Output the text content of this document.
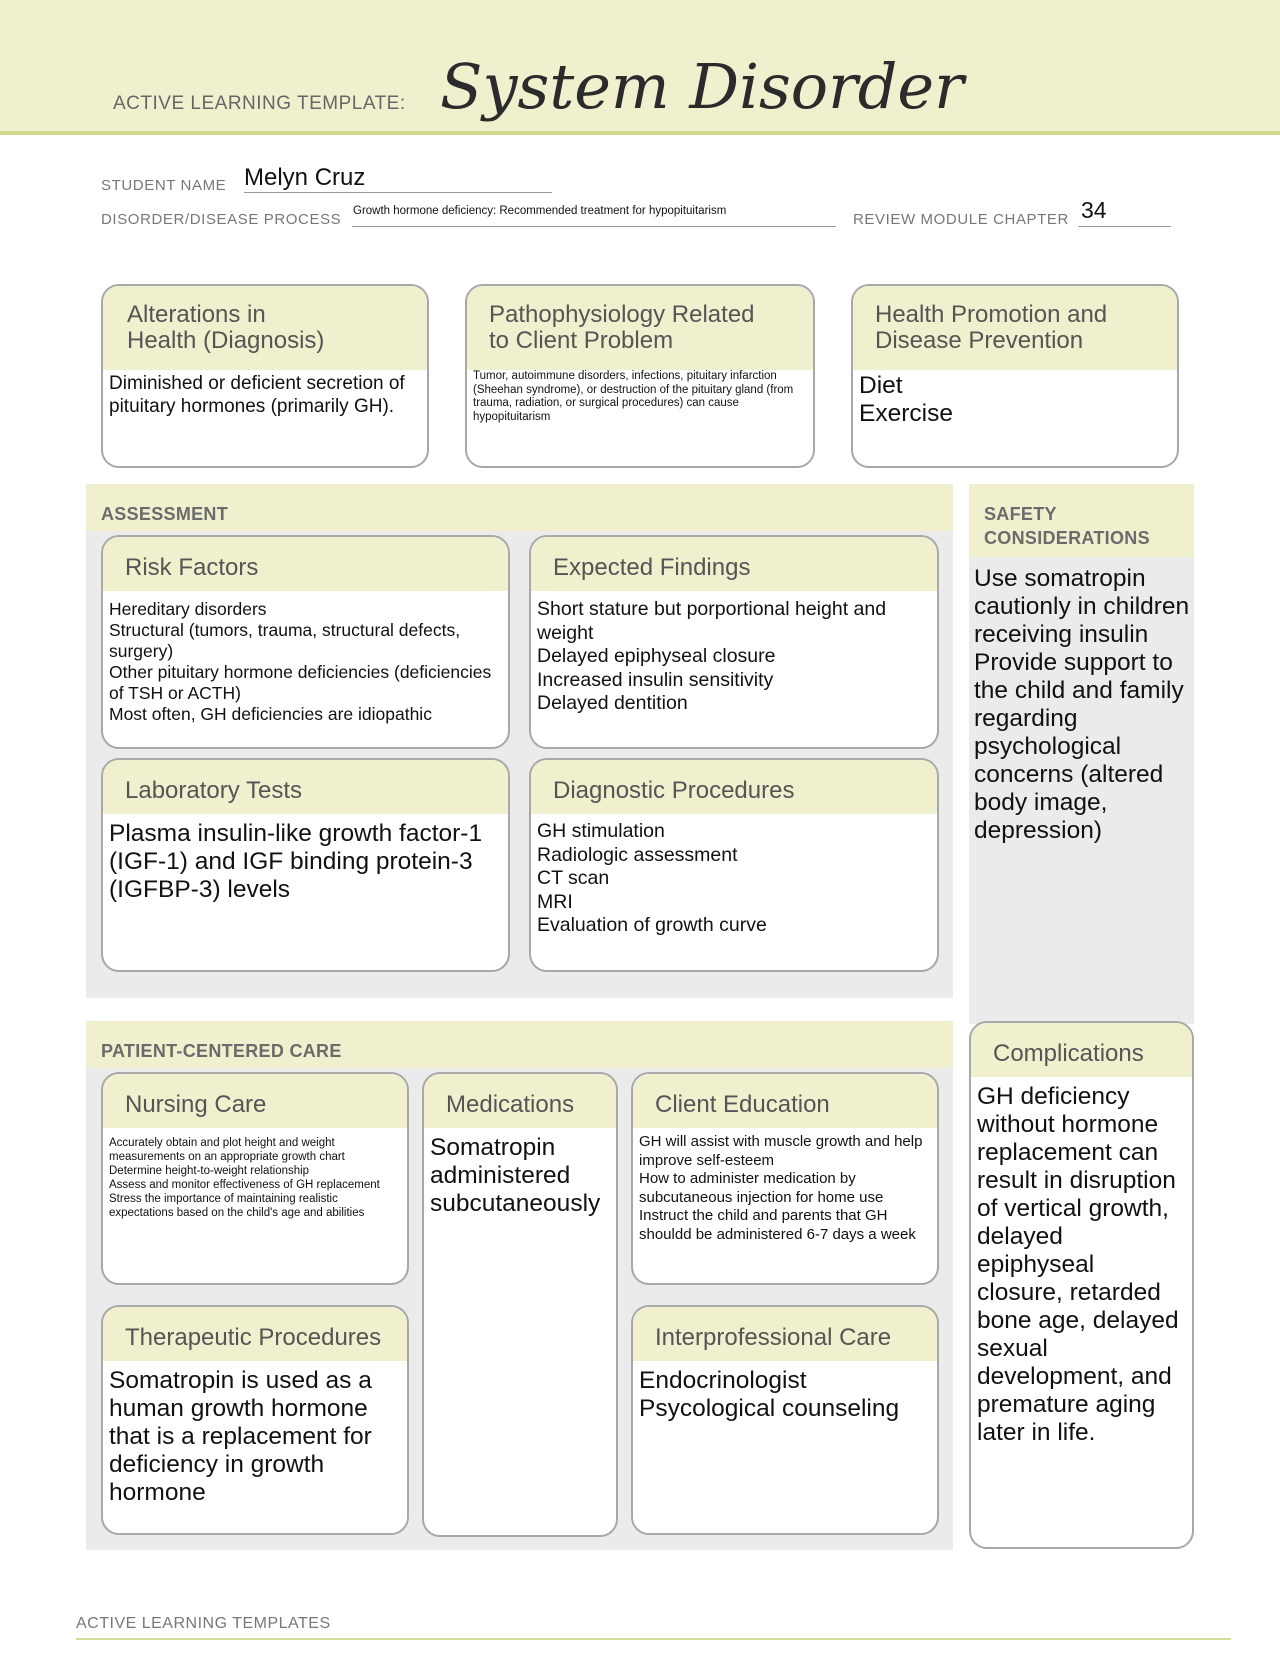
ACTIVE LEARNING TEMPLATE: System Disorder
STUDENT NAME Melyn Cruz
DISORDER/DISEASE PROCESS Growth hormone deficiency: Recommended treatment for hypopituitarism	REVIEW MODULE CHAPTER 34
Alterations in
Health (Diagnosis)
Diminished or deficient secretion of pituitary hormones (primarily GH).
Pathophysiology Related
to Client Problem
Tumor, autoimmune disorders, infections, pituitary infarction (Sheehan syndrome), or destruction of the pituitary gland (from trauma, radiation, or surgical procedures) can cause hypopituitarism
Health Promotion and
Disease Prevention
Diet
Exercise
ASSESSMENT
Risk Factors
Hereditary disorders
Structural (tumors, trauma, structural defects, surgery)
Other pituitary hormone deficiencies (deficiencies of TSH or ACTH)
Most often, GH deficiencies are idiopathic
Expected Findings
Short stature but porportional height and weight
Delayed epiphyseal closure
Increased insulin sensitivity
Delayed dentition
Laboratory Tests
Plasma insulin-like growth factor-1 (IGF-1) and IGF binding protein-3 (IGFBP-3) levels
Diagnostic Procedures
GH stimulation
Radiologic assessment
CT scan
MRI
Evaluation of growth curve
SAFETY
CONSIDERATIONS
Use somatropin cautionly in children receiving insulin
Provide support to the child and family regarding psychological concerns (altered body image, depression)
PATIENT-CENTERED CARE
Nursing Care
Accurately obtain and plot height and weight measurements on an appropriate growth chart
Determine height-to-weight relationship
Assess and monitor effectiveness of GH replacement
Stress the importance of maintaining realistic expectations based on the child's age and abilities
Medications
Somatropin administered subcutaneously
Client Education
GH will assist with muscle growth and help improve self-esteem
How to administer medication by subcutaneous injection for home use
Instruct the child and parents that GH shouldd be administered 6-7 days a week
Therapeutic Procedures
Somatropin is used as a human growth hormone that is a replacement for deficiency in growth hormone
Interprofessional Care
Endocrinologist
Psycological counseling
Complications
GH deficiency without hormone replacement can result in disruption of vertical growth, delayed epiphyseal closure, retarded bone age, delayed sexual development, and premature aging later in life.
ACTIVE LEARNING TEMPLATES
